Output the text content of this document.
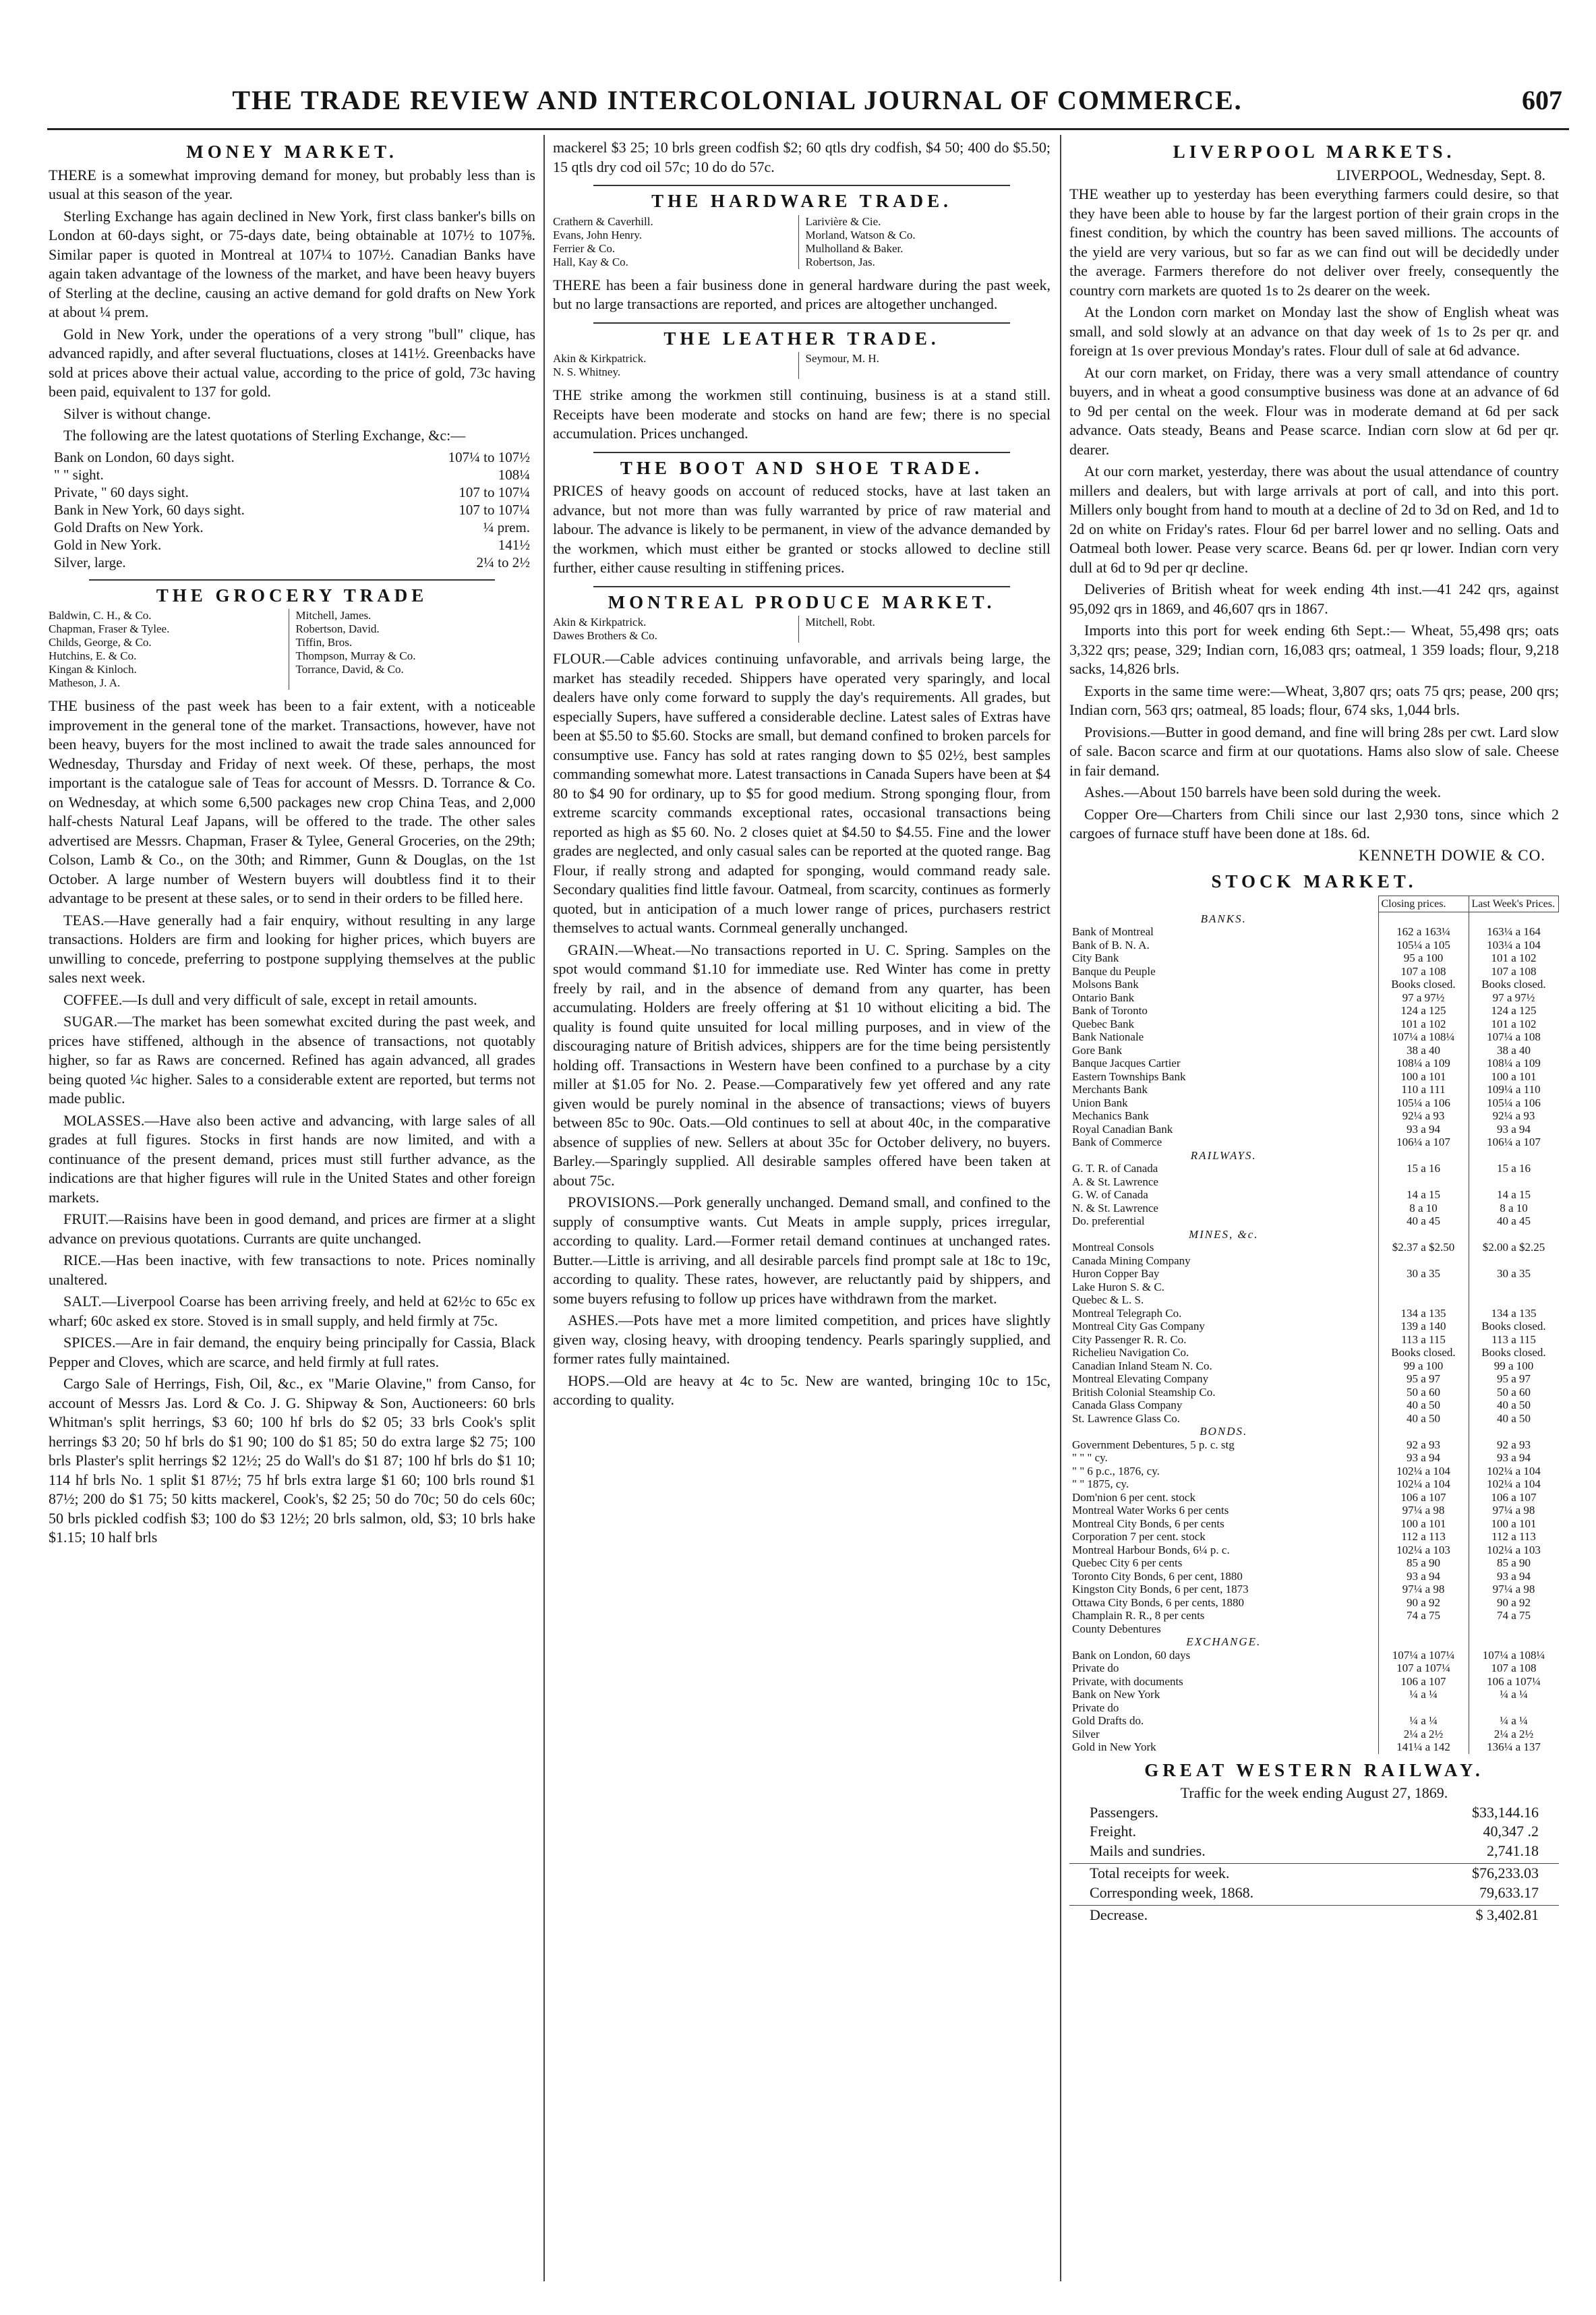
THE TRADE REVIEW AND INTERCOLONIAL JOURNAL OF COMMERCE.	607
MONEY MARKET.

THERE is a somewhat improving demand for money, but probably less than is usual at this season of the year.

Sterling Exchange has again declined in New York, first class banker's bills on London at 60-days sight, or 75-days date, being obtainable at 107½ to 107⅝. Similar paper is quoted in Montreal at 107¼ to 107½. Canadian Banks have again taken advantage of the lowness of the market, and have been heavy buyers of Sterling at the decline, causing an active demand for gold drafts on New York at about ¼ prem.

Gold in New York, under the operations of a very strong "bull" clique, has advanced rapidly, and after several fluctuations, closes at 141½. Greenbacks have sold at prices above their actual value, according to the price of gold, 73c having been paid, equivalent to 137 for gold.

Silver is without change.

The following are the latest quotations of Sterling Exchange, &c:—

Bank on London, 60 days sight.	107¼ to 107½
" " sight.	108¼
Private, " 60 days sight.	107 to 107¼
Bank in New York, 60 days sight.	107 to 107¼
Gold Drafts on New York.	¼ prem.
Gold in New York.	141½
Silver, large.	2¼ to 2½
THE GROCERY TRADE
Baldwin, C. H., & Co.
Chapman, Fraser & Tylee.
Childs, George, & Co.
Hutchins, E. & Co.
Kingan & Kinloch.
Matheson, J. A.
Mitchell, James.
Robertson, David.
Tiffin, Bros.
Thompson, Murray & Co.
Torrance, David, & Co.

THE business of the past week has been to a fair extent, with a noticeable improvement in the general tone of the market. Transactions, however, have not been heavy, buyers for the most inclined to await the trade sales announced for Wednesday, Thursday and Friday of next week. Of these, perhaps, the most important is the catalogue sale of Teas for account of Messrs. D. Torrance & Co. on Wednesday, at which some 6,500 packages new crop China Teas, and 2,000 half-chests Natural Leaf Japans, will be offered to the trade. The other sales advertised are Messrs. Chapman, Fraser & Tylee, General Groceries, on the 29th; Colson, Lamb & Co., on the 30th; and Rimmer, Gunn & Douglas, on the 1st October. A large number of Western buyers will doubtless find it to their advantage to be present at these sales, or to send in their orders to be filled here.

TEAS.—Have generally had a fair enquiry, without resulting in any large transactions. Holders are firm and looking for higher prices, which buyers are unwilling to concede, preferring to postpone supplying themselves at the public sales next week.

COFFEE.—Is dull and very difficult of sale, except in retail amounts.

SUGAR.—The market has been somewhat excited during the past week, and prices have stiffened, although in the absence of transactions, not quotably higher, so far as Raws are concerned. Refined has again advanced, all grades being quoted ¼c higher. Sales to a considerable extent are reported, but terms not made public.

MOLASSES.—Have also been active and advancing, with large sales of all grades at full figures. Stocks in first hands are now limited, and with a continuance of the present demand, prices must still further advance, as the indications are that higher figures will rule in the United States and other foreign markets.

FRUIT.—Raisins have been in good demand, and prices are firmer at a slight advance on previous quotations. Currants are quite unchanged.

RICE.—Has been inactive, with few transactions to note. Prices nominally unaltered.

SALT.—Liverpool Coarse has been arriving freely, and held at 62½c to 65c ex wharf; 60c asked ex store. Stoved is in small supply, and held firmly at 75c.

SPICES.—Are in fair demand, the enquiry being principally for Cassia, Black Pepper and Cloves, which are scarce, and held firmly at full rates.

Cargo Sale of Herrings, Fish, Oil, &c., ex "Marie Olavine," from Canso, for account of Messrs Jas. Lord & Co. J. G. Shipway & Son, Auctioneers: 60 brls Whitman's split herrings, $3 60; 100 hf brls do $2 05; 33 brls Cook's split herrings $3 20; 50 hf brls do $1 90; 100 do $1 85; 50 do extra large $2 75; 100 brls Plaster's split herrings $2 12½; 25 do Wall's do $1 87; 100 hf brls do $1 10; 114 hf brls No. 1 split $1 87½; 75 hf brls extra large $1 60; 100 brls round $1 87½; 200 do $1 75; 50 kitts mackerel, Cook's, $2 25; 50 do 70c; 50 do cels 60c; 50 brls pickled codfish $3; 100 do $3 12½; 20 brls salmon, old, $3; 10 brls hake $1.15; 10 half brls

mackerel $3 25; 10 brls green codfish $2; 60 qtls dry codfish, $4 50; 400 do $5.50; 15 qtls dry cod oil 57c; 10 do do 57c.

THE HARDWARE TRADE.
Crathern & Caverhill.
Evans, John Henry.
Ferrier & Co.
Hall, Kay & Co.
Larivière & Cie.
Morland, Watson & Co.
Mulholland & Baker.
Robertson, Jas.

THERE has been a fair business done in general hardware during the past week, but no large transactions are reported, and prices are altogether unchanged.

THE LEATHER TRADE.
Akin & Kirkpatrick.
N. S. Whitney.
Seymour, M. H.

THE strike among the workmen still continuing, business is at a stand still. Receipts have been moderate and stocks on hand are few; there is no special accumulation. Prices unchanged.

THE BOOT AND SHOE TRADE.

PRICES of heavy goods on account of reduced stocks, have at last taken an advance, but not more than was fully warranted by price of raw material and labour. The advance is likely to be permanent, in view of the advance demanded by the workmen, which must either be granted or stocks allowed to decline still further, either cause resulting in stiffening prices.

MONTREAL PRODUCE MARKET.
Akin & Kirkpatrick.
Dawes Brothers & Co.
Mitchell, Robt.

FLOUR.—Cable advices continuing unfavorable, and arrivals being large, the market has steadily receded. Shippers have operated very sparingly, and local dealers have only come forward to supply the day's requirements. All grades, but especially Supers, have suffered a considerable decline. Latest sales of Extras have been at $5.50 to $5.60. Stocks are small, but demand confined to broken parcels for consumptive use. Fancy has sold at rates ranging down to $5 02½, best samples commanding somewhat more. Latest transactions in Canada Supers have been at $4 80 to $4 90 for ordinary, up to $5 for good medium. Strong sponging flour, from extreme scarcity commands exceptional rates, occasional transactions being reported as high as $5 60. No. 2 closes quiet at $4.50 to $4.55. Fine and the lower grades are neglected, and only casual sales can be reported at the quoted range. Bag Flour, if really strong and adapted for sponging, would command ready sale. Secondary qualities find little favour. Oatmeal, from scarcity, continues as formerly quoted, but in anticipation of a much lower range of prices, purchasers restrict themselves to actual wants. Cornmeal generally unchanged.

GRAIN.—Wheat.—No transactions reported in U. C. Spring. Samples on the spot would command $1.10 for immediate use. Red Winter has come in pretty freely by rail, and in the absence of demand from any quarter, has been accumulating. Holders are freely offering at $1 10 without eliciting a bid. The quality is found quite unsuited for local milling purposes, and in view of the discouraging nature of British advices, shippers are for the time being persistently holding off. Transactions in Western have been confined to a purchase by a city miller at $1.05 for No. 2. Pease.—Comparatively few yet offered and any rate given would be purely nominal in the absence of transactions; views of buyers between 85c to 90c. Oats.—Old continues to sell at about 40c, in the comparative absence of supplies of new. Sellers at about 35c for October delivery, no buyers. Barley.—Sparingly supplied. All desirable samples offered have been taken at about 75c.

PROVISIONS.—Pork generally unchanged. Demand small, and confined to the supply of consumptive wants. Cut Meats in ample supply, prices irregular, according to quality. Lard.—Former retail demand continues at unchanged rates. Butter.—Little is arriving, and all desirable parcels find prompt sale at 18c to 19c, according to quality. These rates, however, are reluctantly paid by shippers, and some buyers refusing to follow up prices have withdrawn from the market.

ASHES.—Pots have met a more limited competition, and prices have slightly given way, closing heavy, with drooping tendency. Pearls sparingly supplied, and former rates fully maintained.

HOPS.—Old are heavy at 4c to 5c. New are wanted, bringing 10c to 15c, according to quality.

LIVERPOOL MARKETS.
LIVERPOOL, Wednesday, Sept. 8.

THE weather up to yesterday has been everything farmers could desire, so that they have been able to house by far the largest portion of their grain crops in the finest condition, by which the country has been saved millions. The accounts of the yield are very various, but so far as we can find out will be decidedly under the average. Farmers therefore do not deliver over freely, consequently the country corn markets are quoted 1s to 2s dearer on the week.

At the London corn market on Monday last the show of English wheat was small, and sold slowly at an advance on that day week of 1s to 2s per qr. and foreign at 1s over previous Monday's rates. Flour dull of sale at 6d advance.

At our corn market, on Friday, there was a very small attendance of country buyers, and in wheat a good consumptive business was done at an advance of 6d to 9d per cental on the week. Flour was in moderate demand at 6d per sack advance. Oats steady, Beans and Pease scarce. Indian corn slow at 6d per qr. dearer.

At our corn market, yesterday, there was about the usual attendance of country millers and dealers, but with large arrivals at port of call, and into this port. Millers only bought from hand to mouth at a decline of 2d to 3d on Red, and 1d to 2d on white on Friday's rates. Flour 6d per barrel lower and no selling. Oats and Oatmeal both lower. Pease very scarce. Beans 6d. per qr lower. Indian corn very dull at 6d to 9d per qr decline.

Deliveries of British wheat for week ending 4th inst.—41 242 qrs, against 95,092 qrs in 1869, and 46,607 qrs in 1867.

Imports into this port for week ending 6th Sept.:— Wheat, 55,498 qrs; oats 3,322 qrs; pease, 329; Indian corn, 16,083 qrs; oatmeal, 1 359 loads; flour, 9,218 sacks, 14,826 brls.

Exports in the same time were:—Wheat, 3,807 qrs; oats 75 qrs; pease, 200 qrs; Indian corn, 563 qrs; oatmeal, 85 loads; flour, 674 sks, 1,044 brls.

Provisions.—Butter in good demand, and fine will bring 28s per cwt. Lard slow of sale. Bacon scarce and firm at our quotations. Hams also slow of sale. Cheese in fair demand.

Ashes.—About 150 barrels have been sold during the week.

Copper Ore—Charters from Chili since our last 2,930 tons, since which 2 cargoes of furnace stuff have been done at 18s. 6d.

KENNETH DOWIE & CO.
STOCK MARKET.
	Closing prices.	Last Week's Prices.
BANKS.		
Bank of Montreal	162 a 163¼	163¼ a 164
Bank of B. N. A.	105¼ a 105	103¼ a 104
City Bank	95 a 100	101 a 102
Banque du Peuple	107 a 108	107 a 108
Molsons Bank	Books closed.	Books closed.
Ontario Bank	97 a 97½	97 a 97½
Bank of Toronto	124 a 125	124 a 125
Quebec Bank	101 a 102	101 a 102
Bank Nationale	107¼ a 108¼	107¼ a 108
Gore Bank	38 a 40	38 a 40
Banque Jacques Cartier	108¼ a 109	108¼ a 109
Eastern Townships Bank	100 a 101	100 a 101
Merchants Bank	110 a 111	109¼ a 110
Union Bank	105¼ a 106	105¼ a 106
Mechanics Bank	92¼ a 93	92¼ a 93
Royal Canadian Bank	93 a 94	93 a 94
Bank of Commerce	106¼ a 107	106¼ a 107
RAILWAYS.		
G. T. R. of Canada	15 a 16	15 a 16
A. & St. Lawrence		
G. W. of Canada	14 a 15	14 a 15
N. & St. Lawrence	8 a 10	8 a 10
Do. preferential	40 a 45	40 a 45
MINES, &c.		
Montreal Consols	$2.37 a $2.50	$2.00 a $2.25
Canada Mining Company		
Huron Copper Bay	30 a 35	30 a 35
Lake Huron S. & C.		
Quebec & L. S.		
Montreal Telegraph Co.	134 a 135	134 a 135
Montreal City Gas Company	139 a 140	Books closed.
City Passenger R. R. Co.	113 a 115	113 a 115
Richelieu Navigation Co.	Books closed.	Books closed.
Canadian Inland Steam N. Co.	99 a 100	99 a 100
Montreal Elevating Company	95 a 97	95 a 97
British Colonial Steamship Co.	50 a 60	50 a 60
Canada Glass Company	40 a 50	40 a 50
St. Lawrence Glass Co.	40 a 50	40 a 50
BONDS.		
Government Debentures, 5 p. c. stg	92 a 93	92 a 93
" " " cy.	93 a 94	93 a 94
" " 6 p.c., 1876, cy.	102¼ a 104	102¼ a 104
" " 1875, cy.	102¼ a 104	102¼ a 104
Dom'nion 6 per cent. stock	106 a 107	106 a 107
Montreal Water Works 6 per cents	97¼ a 98	97¼ a 98
Montreal City Bonds, 6 per cents	100 a 101	100 a 101
Corporation 7 per cent. stock	112 a 113	112 a 113
Montreal Harbour Bonds, 6¼ p. c.	102¼ a 103	102¼ a 103
Quebec City 6 per cents	85 a 90	85 a 90
Toronto City Bonds, 6 per cent, 1880	93 a 94	93 a 94
Kingston City Bonds, 6 per cent, 1873	97¼ a 98	97¼ a 98
Ottawa City Bonds, 6 per cents, 1880	90 a 92	90 a 92
Champlain R. R., 8 per cents	74 a 75	74 a 75
County Debentures		
EXCHANGE.		
Bank on London, 60 days	107¼ a 107¼	107¼ a 108¼
Private do	107 a 107¼	107 a 108
Private, with documents	106 a 107	106 a 107¼
Bank on New York	¼ a ¼	¼ a ¼
Private do		
Gold Drafts do.	¼ a ¼	¼ a ¼
Silver	2¼ a 2½	2¼ a 2½
Gold in New York	141¼ a 142	136¼ a 137
GREAT WESTERN RAILWAY.
Traffic for the week ending August 27, 1869.
Passengers.	$33,144.16
Freight.	40,347 .2
Mails and sundries.	2,741.18
Total receipts for week.	$76,233.03
Corresponding week, 1868.	79,633.17
Decrease.	$ 3,402.81
